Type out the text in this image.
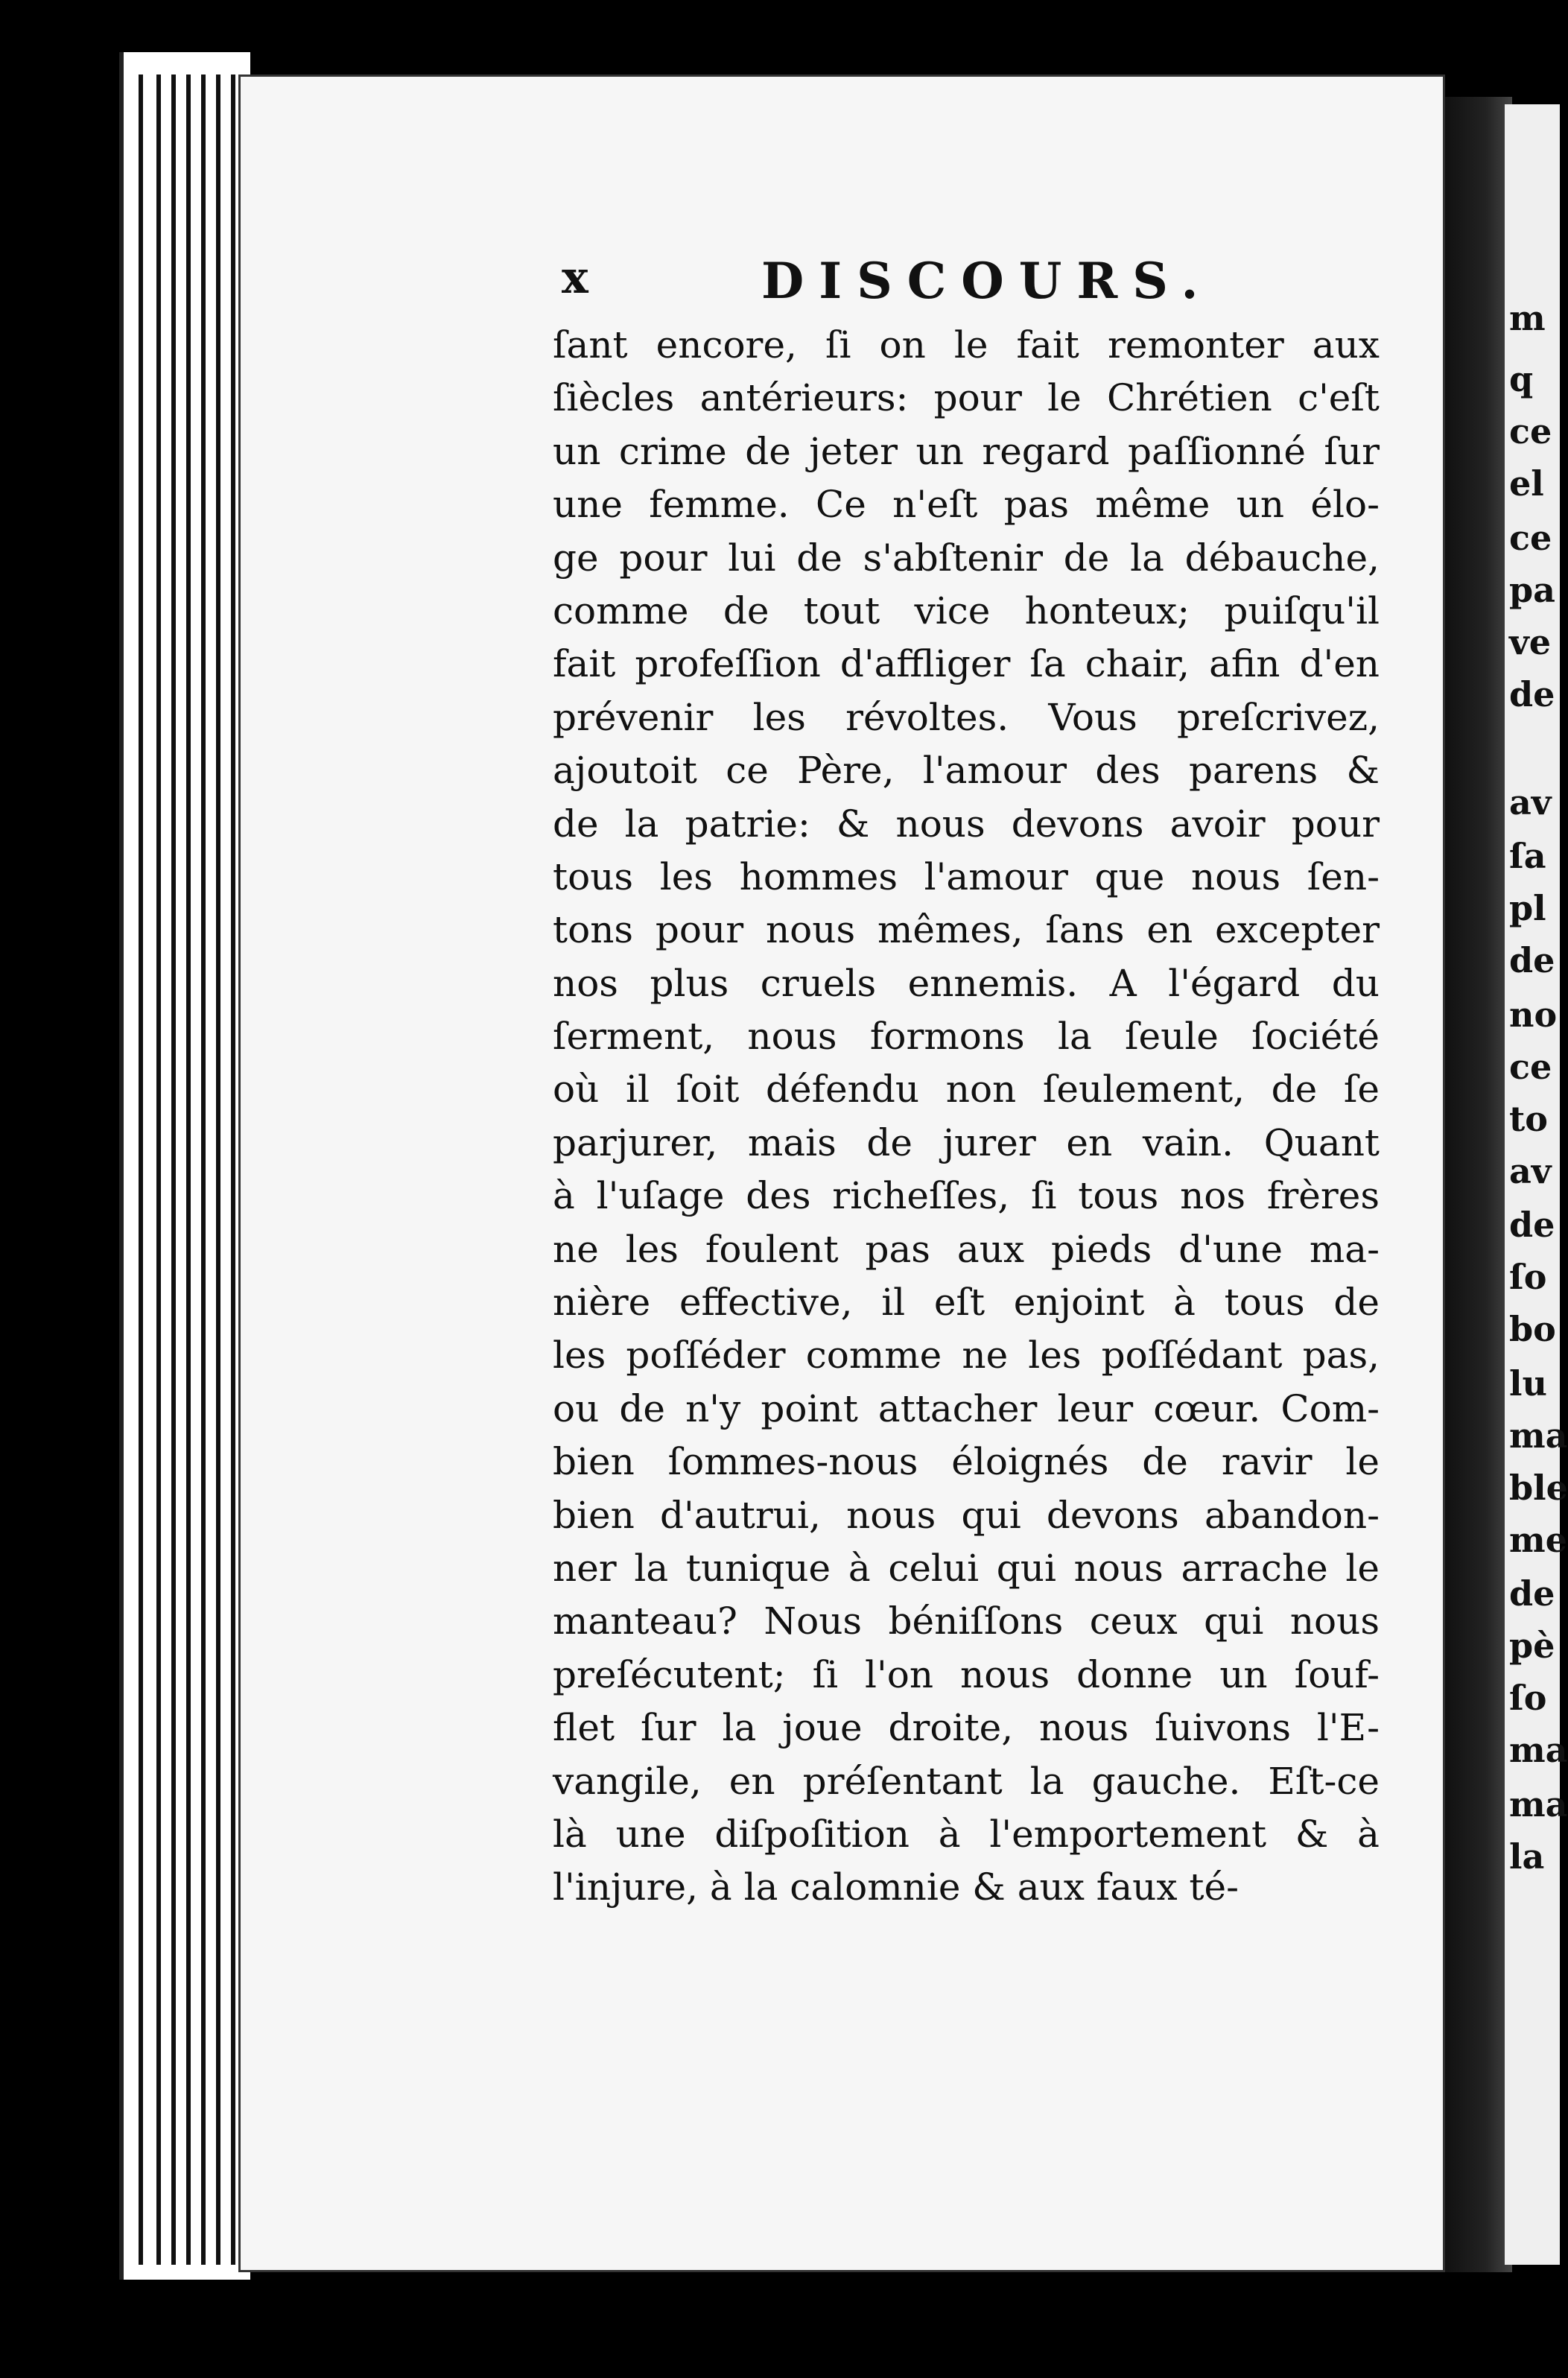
m
q
ce
el
ce
pa
ve
de
av
ſa
pl
de
no
ce
to
av
de
ſo
bo
lu
ma
ble
me
de
pè
ſo
ma
ma
la
x	DISCOURS.
ſant encore, ſi on le fait remonter aux
ſiècles antérieurs: pour le Chrétien c'eſt
un crime de jeter un regard paſſionné ſur
une femme. Ce n'eſt pas même un élo-
ge pour lui de s'abſtenir de la débauche,
comme de tout vice honteux; puiſqu'il
fait profeſſion d'affliger ſa chair, afin d'en
prévenir les révoltes. Vous preſcrivez,
ajoutoit ce Père, l'amour des parens &
de la patrie: & nous devons avoir pour
tous les hommes l'amour que nous ſen-
tons pour nous mêmes, ſans en excepter
nos plus cruels ennemis. A l'égard du
ſerment, nous formons la ſeule ſociété
où il ſoit défendu non ſeulement, de ſe
parjurer, mais de jurer en vain. Quant
à l'uſage des richeſſes, ſi tous nos frères
ne les foulent pas aux pieds d'une ma-
nière effective, il eſt enjoint à tous de
les poſſéder comme ne les poſſédant pas,
ou de n'y point attacher leur cœur. Com-
bien ſommes-nous éloignés de ravir le
bien d'autrui, nous qui devons abandon-
ner la tunique à celui qui nous arrache le
manteau? Nous béniſſons ceux qui nous
preſécutent; ſi l'on nous donne un ſouf-
flet ſur la joue droite, nous ſuivons l'E-
vangile, en préſentant la gauche. Eſt-ce
là une diſpoſition à l'emportement & à
l'injure, à la calomnie & aux faux té-
